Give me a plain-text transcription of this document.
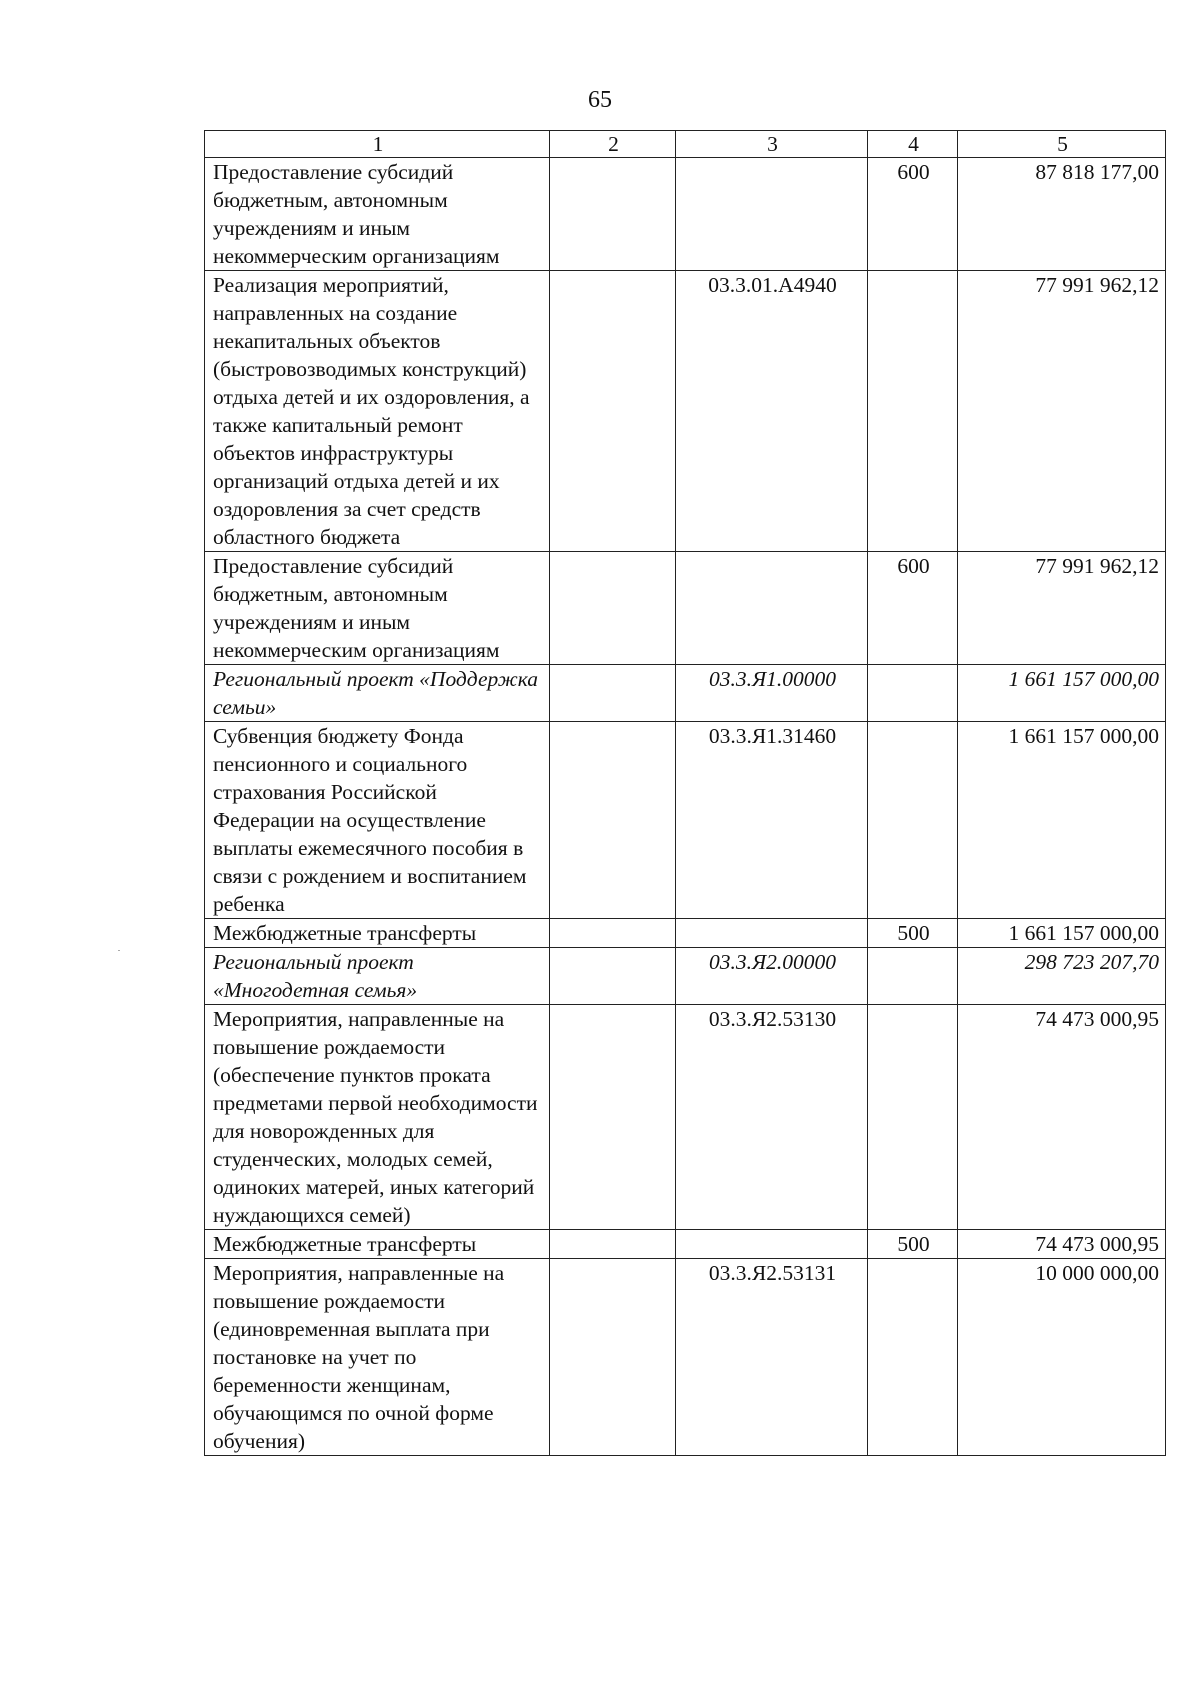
65
1	2	3	4	5
Предоставление субсидий бюджетным, автономным учреждениям и иным некоммерческим организациям			600	87 818 177,00
Реализация мероприятий, направленных на создание некапитальных объектов (быстровозводимых конструкций) отдыха детей и их оздоровления, а также капитальный ремонт объектов инфраструктуры организаций отдыха детей и их оздоровления за счет средств областного бюджета		03.3.01.А4940		77 991 962,12
Предоставление субсидий бюджетным, автономным учреждениям и иным некоммерческим организациям			600	77 991 962,12
Региональный проект «Поддержка семьи»		03.3.Я1.00000		1 661 157 000,00
Субвенция бюджету Фонда пенсионного и социального страхования Российской Федерации на осуществление выплаты ежемесячного пособия в связи с рождением и воспитанием ребенка		03.3.Я1.31460		1 661 157 000,00
Межбюджетные трансферты			500	1 661 157 000,00
Региональный проект «Многодетная семья»		03.3.Я2.00000		298 723 207,70
Мероприятия, направленные на повышение рождаемости (обеспечение пунктов проката предметами первой необходимости для новорожденных для студенческих, молодых семей, одиноких матерей, иных категорий нуждающихся семей)		03.3.Я2.53130		74 473 000,95
Межбюджетные трансферты			500	74 473 000,95
Мероприятия, направленные на повышение рождаемости (единовременная выплата при постановке на учет по беременности женщинам, обучающимся по очной форме обучения)		03.3.Я2.53131		10 000 000,00
